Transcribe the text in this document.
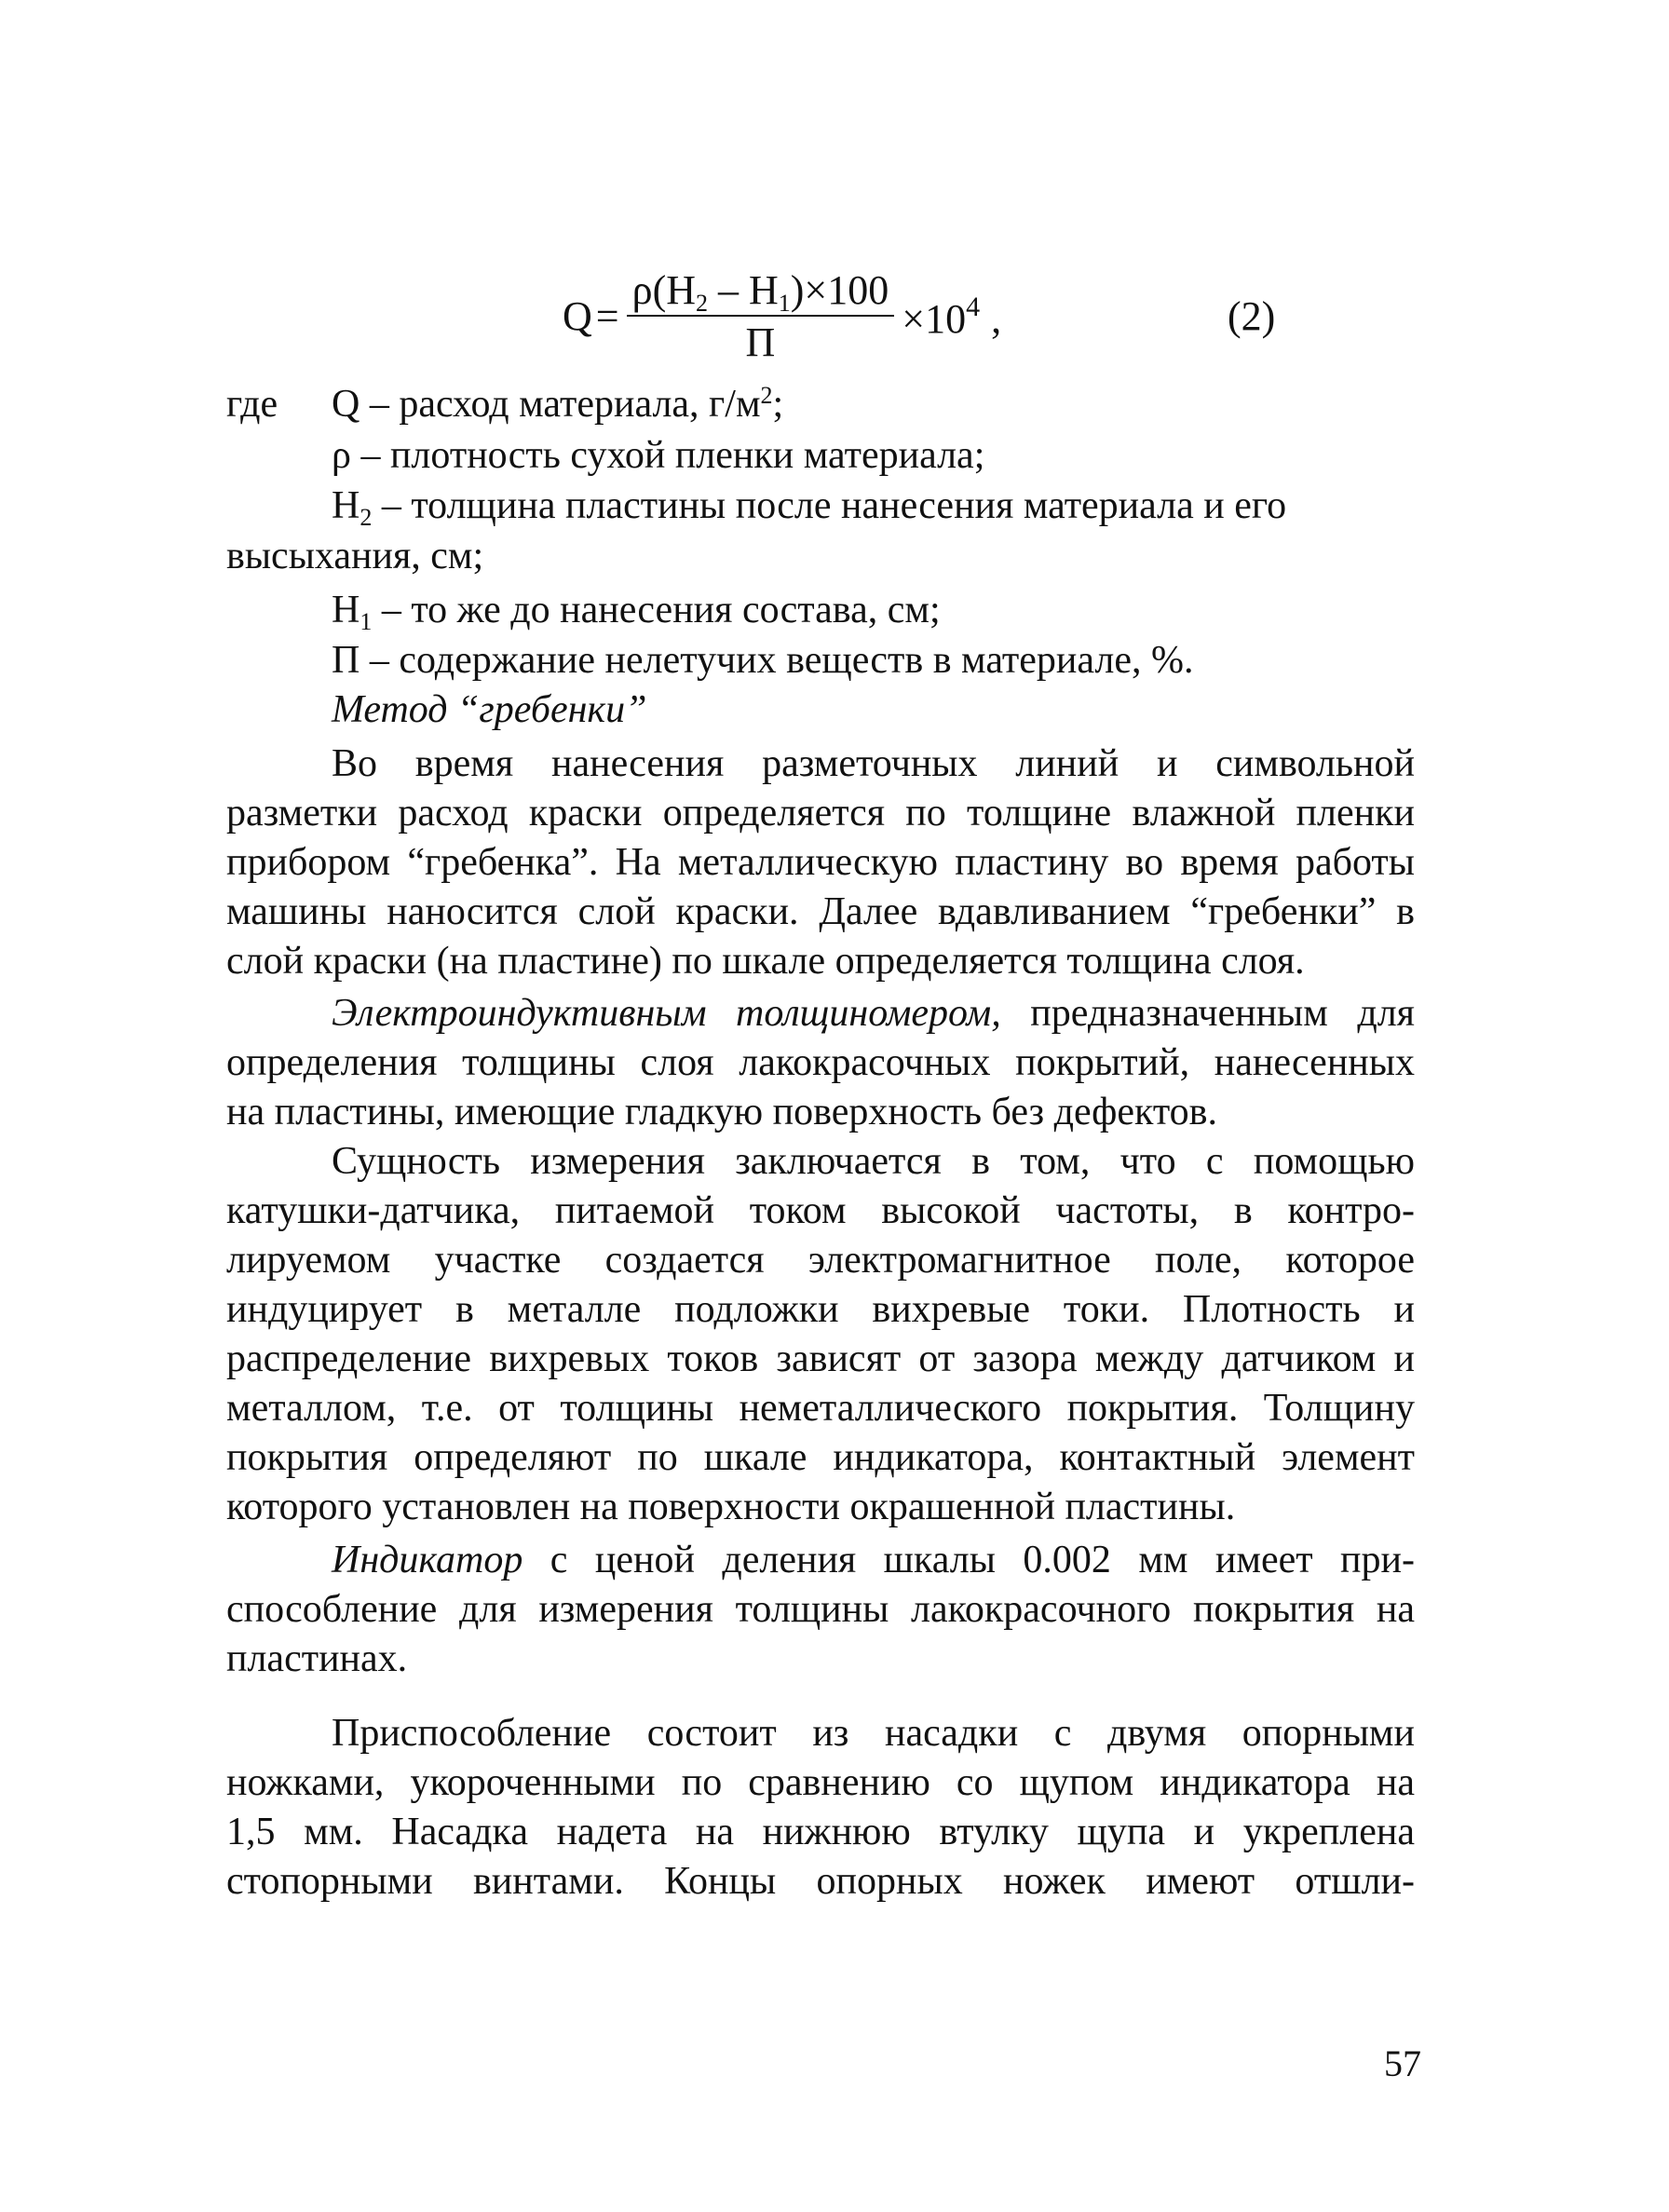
$Q = \frac{\rho(H_2 - H_1)\times 100}{П} \times 10^4$ ,	(2)
где Q – расход материала, $г/м^2$;
ρ – плотность сухой пленки материала;
$H_2$ – толщина пластины после нанесения материала и его
высыхания, см;
$H_1$ – то же до нанесения состава, см;
П – содержание нелетучих веществ в материале, %.
Метод “гребенки”
Во время нанесения разметочных линий и символьной
разметки расход краски определяется по толщине влажной пленки
прибором “гребенка”. На металлическую пластину во время работы
машины наносится слой краски. Далее вдавливанием “гребенки” в
слой краски (на пластине) по шкале определяется толщина слоя.
Электроиндуктивным толщиномером, предназначенным для
определения толщины слоя лакокрасочных покрытий, нанесенных
на пластины, имеющие гладкую поверхность без дефектов.
Сущность измерения заключается в том, что с помощью
катушки-датчика, питаемой током высокой частоты, в контро-
лируемом участке создается электромагнитное поле, которое
индуцирует в металле подложки вихревые токи. Плотность и
распределение вихревых токов зависят от зазора между датчиком и
металлом, т.е. от толщины неметаллического покрытия. Толщину
покрытия определяют по шкале индикатора, контактный элемент
которого установлен на поверхности окрашенной пластины.
Индикатор с ценой деления шкалы 0.002 мм имеет при-
способление для измерения толщины лакокрасочного покрытия на
пластинах.
Приспособление состоит из насадки с двумя опорными
ножками, укороченными по сравнению со щупом индикатора на
1,5 мм. Насадка надета на нижнюю втулку щупа и укреплена
стопорными винтами. Концы опорных ножек имеют отшли-
57
